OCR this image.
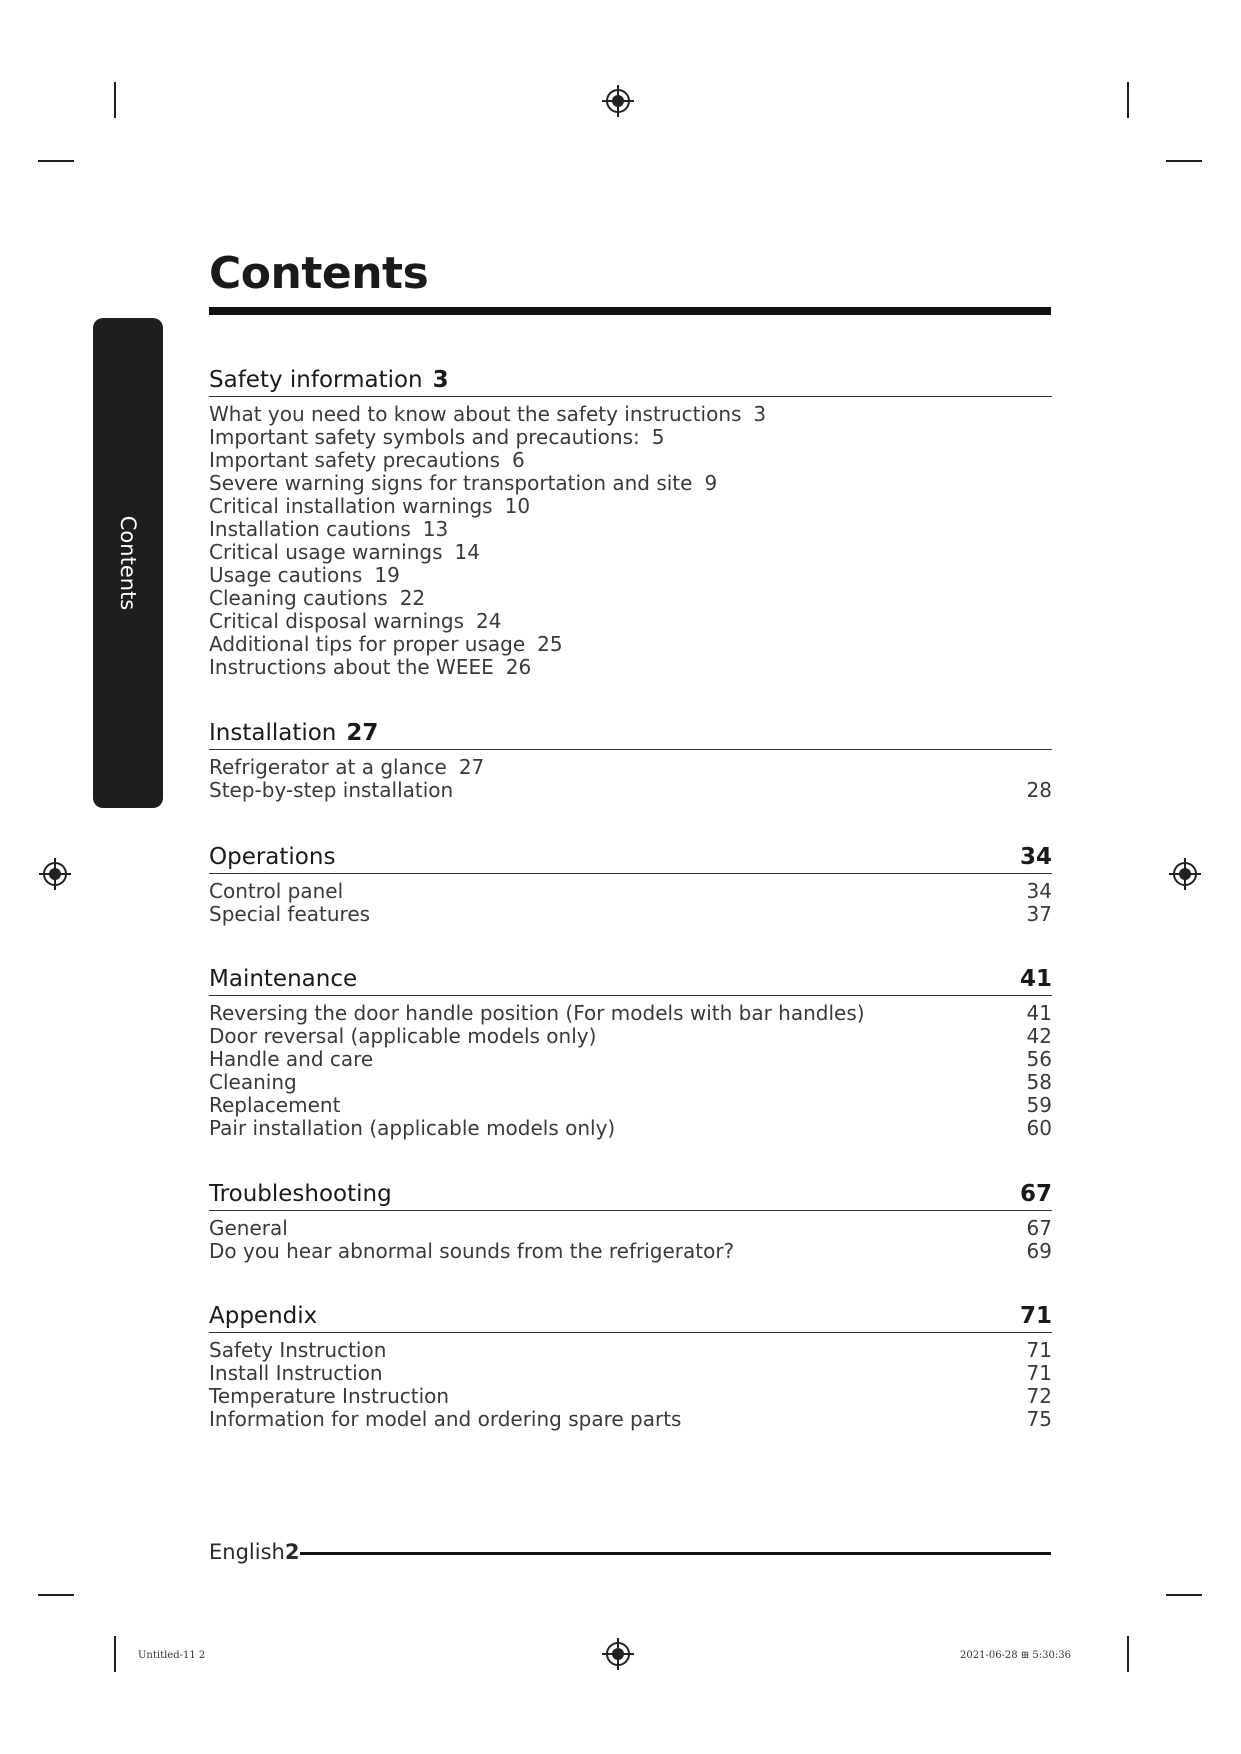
Contents
Contents
Safety information 3
What you need to know about the safety instructions 3
Important safety symbols and precautions: 5
Important safety precautions 6
Severe warning signs for transportation and site 9
Critical installation warnings 10
Installation cautions 13
Critical usage warnings 14
Usage cautions 19
Cleaning cautions 22
Critical disposal warnings 24
Additional tips for proper usage 25
Instructions about the WEEE 26
Installation 27
Refrigerator at a glance 27
Step-by-step installation	28
Operations	34
Control panel	34
Special features	37
Maintenance	41
Reversing the door handle position (For models with bar handles)	41
Door reversal (applicable models only)	42
Handle and care	56
Cleaning	58
Replacement	59
Pair installation (applicable models only)	60
Troubleshooting	67
General	67
Do you hear abnormal sounds from the refrigerator?	69
Appendix	71
Safety Instruction	71
Install Instruction	71
Temperature Instruction	72
Information for model and ordering spare parts	75
English2
Untitled-11 2	2021-06-28 ⊞ 5:30:36
